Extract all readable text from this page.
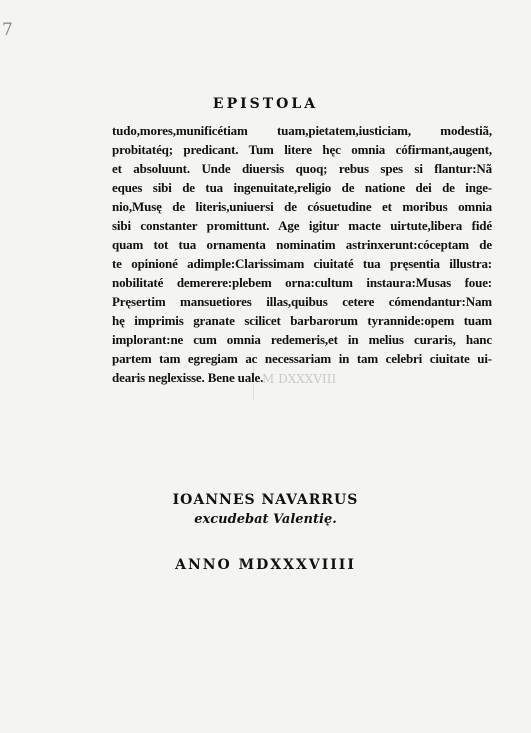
7
M DXXXVIII
EPISTOLA
tudo,mores,munificétiam tuam,pietatem,iusticiam, modestiã,
probitatéq; predicant. Tum litere hęc omnia cófirmant,augent,
et absoluunt. Unde diuersis quoq; rebus spes si flantur:Nã
eques sibi de tua ingenuitate,religio de natione dei de inge-
nio,Musę de literis,uniuersi de cósuetudine et moribus omnia
sibi constanter promittunt. Age igitur macte uirtute,libera fidé
quam tot tua ornamenta nominatim astrinxerunt:cóceptam de
te opinioné adimple:Clarissimam ciuitaté tua pręsentia illustra:
nobilitaté demerere:plebem orna:cultum instaura:Musas foue:
Pręsertim mansuetiores illas,quibus cetere cómendantur:Nam
hę imprimis granate scilicet barbarorum tyrannide:opem tuam
implorant:ne cum omnia redemeris,et in melius curaris, hanc
partem tam egregiam ac necessariam in tam celebri ciuitate ui-
dearis neglexisse. Bene uale.
IOANNES NAVARRUS
excudebat Valentię.
ANNO MDXXXVIIII
